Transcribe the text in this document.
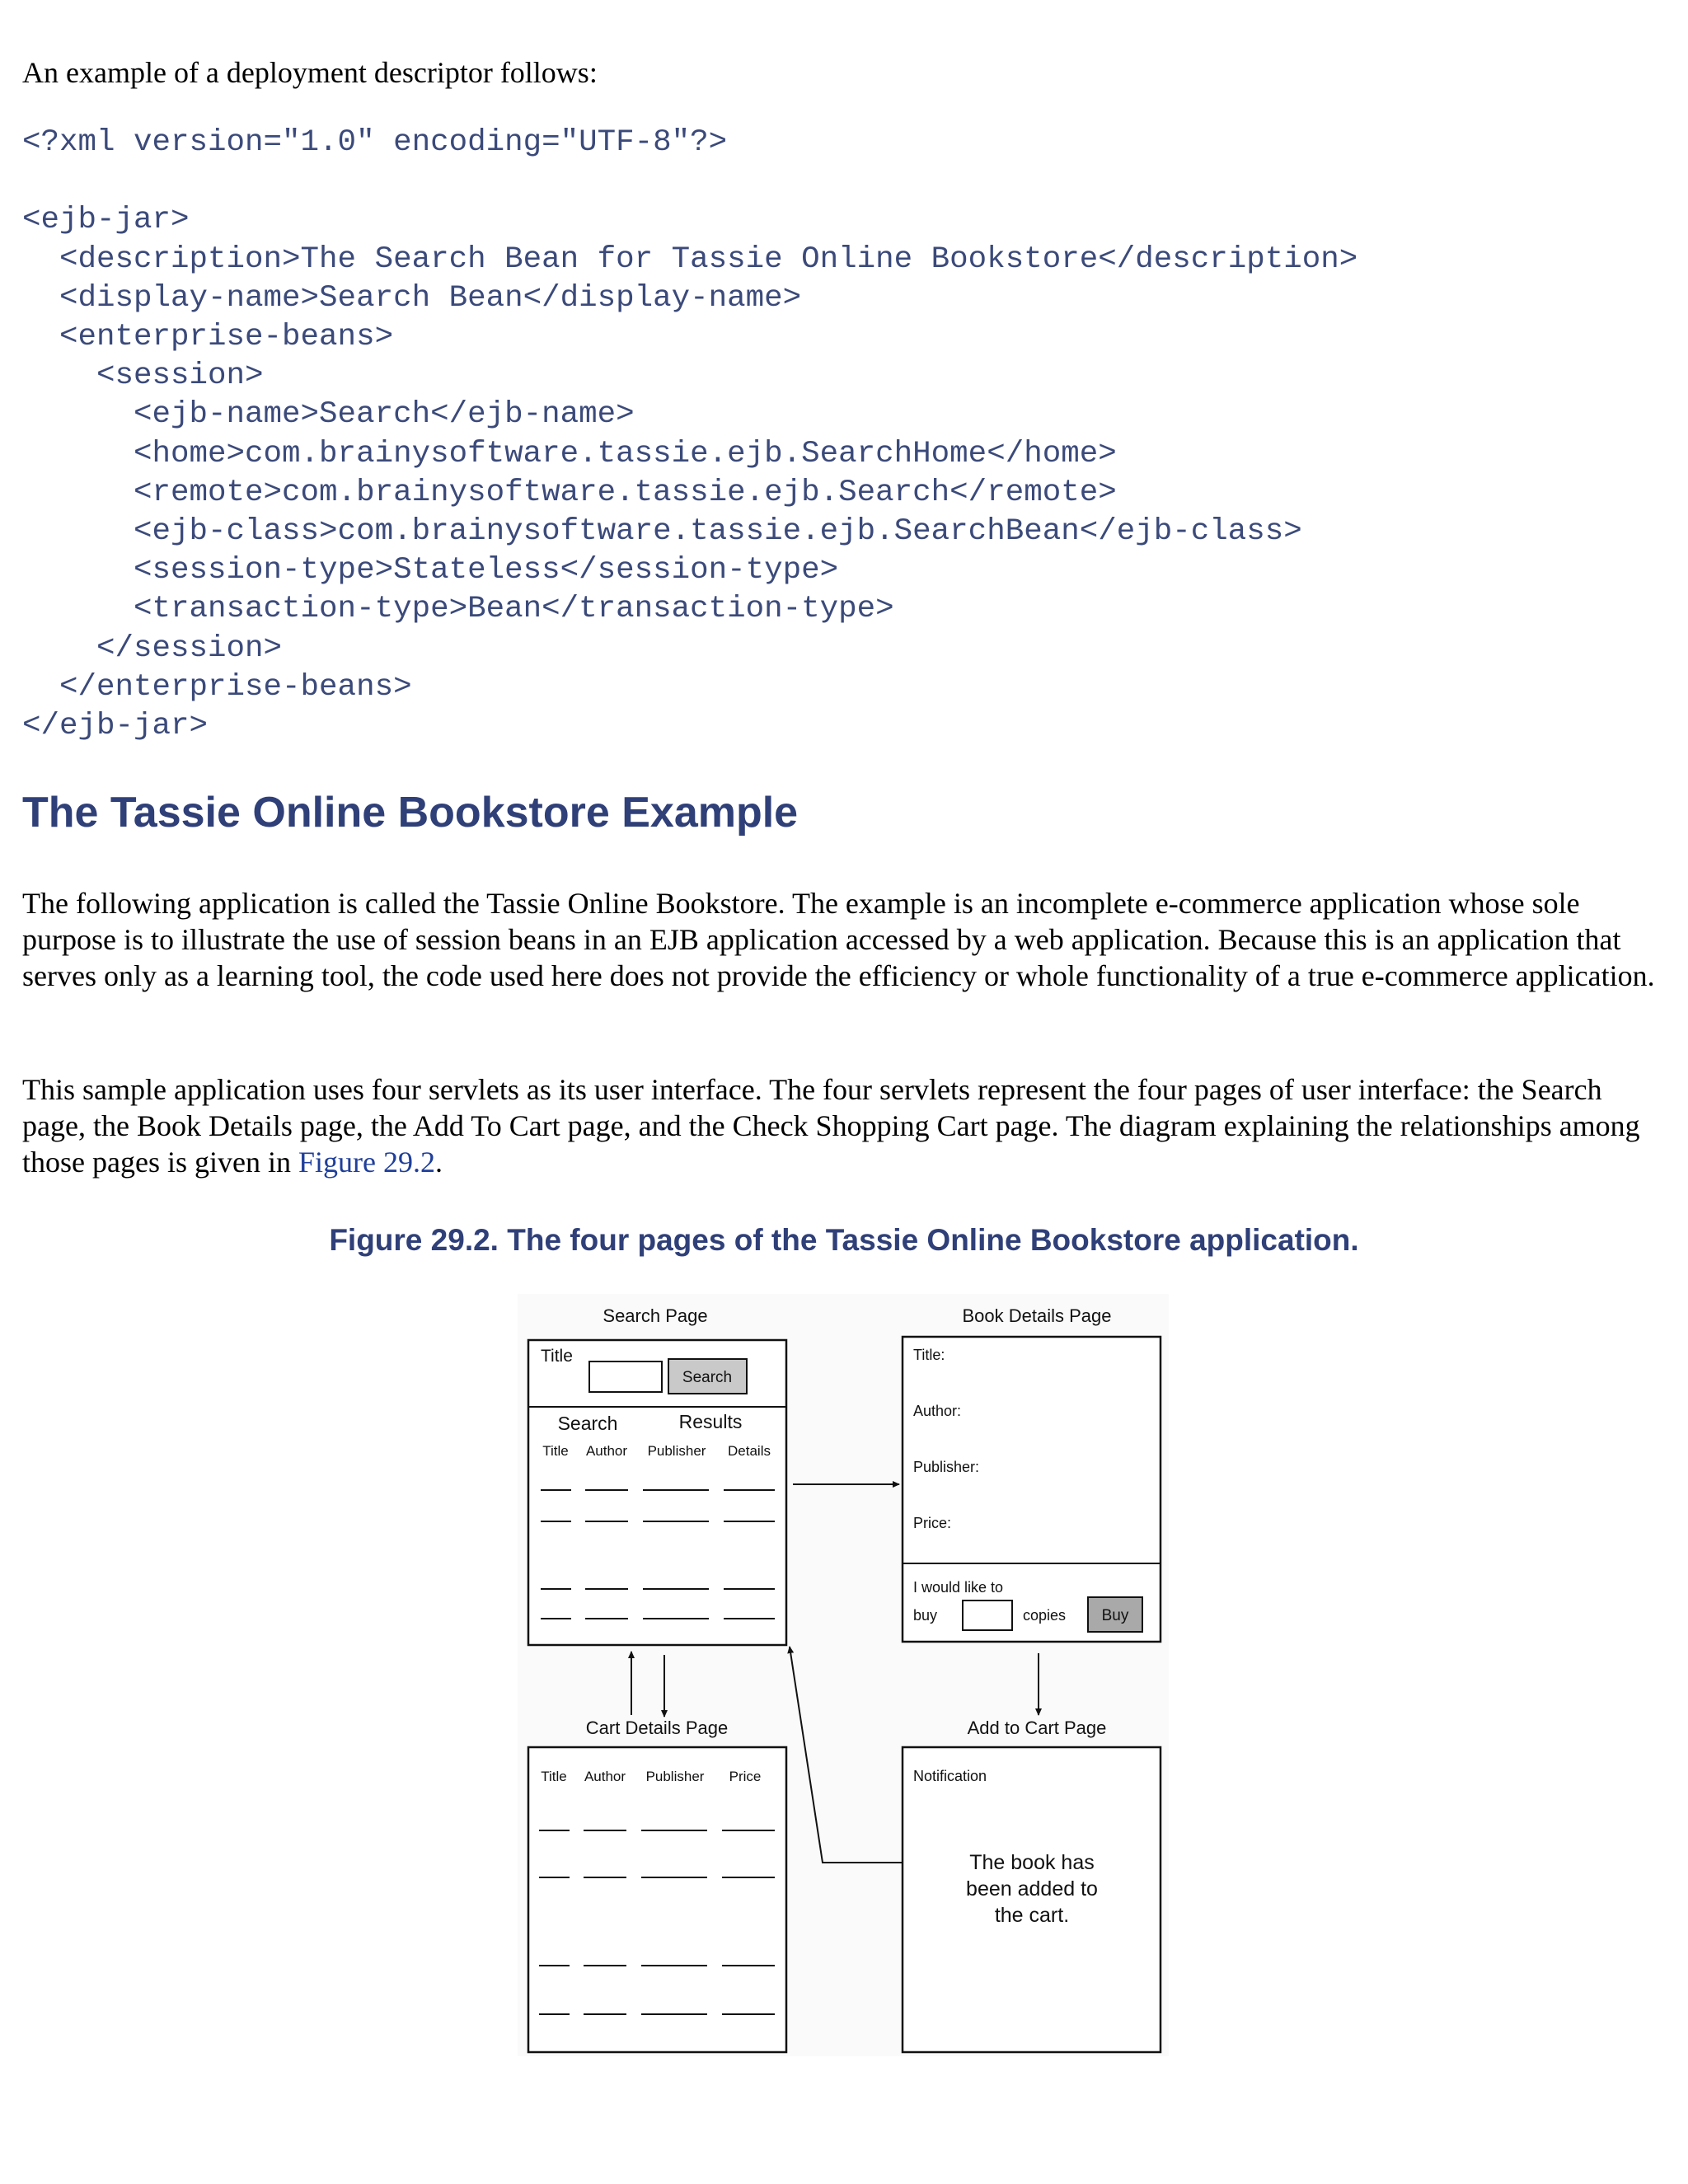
An example of a deployment descriptor follows:
<?xml version="1.0" encoding="UTF-8"?>

<ejb-jar>
<description>The Search Bean for Tassie Online Bookstore</description>
<display-name>Search Bean</display-name>
<enterprise-beans>
<session>
<ejb-name>Search</ejb-name>
<home>com.brainysoftware.tassie.ejb.SearchHome</home>
<remote>com.brainysoftware.tassie.ejb.Search</remote>
<ejb-class>com.brainysoftware.tassie.ejb.SearchBean</ejb-class>
<session-type>Stateless</session-type>
<transaction-type>Bean</transaction-type>
</session>
</enterprise-beans>
</ejb-jar>
The Tassie Online Bookstore Example

The following application is called the Tassie Online Bookstore. The example is an incomplete e-commerce application whose sole purpose is to illustrate the use of session beans in an EJB application accessed by a web application. Because this is an application that serves only as a learning tool, the code used here does not provide the efficiency or whole functionality of a true e-commerce application.

This sample application uses four servlets as its user interface. The four servlets represent the four pages of user interface: the Search page, the Book Details page, the Add To Cart page, and the Check Shopping Cart page. The diagram explaining the relationships among those pages is given in Figure 29.2.

Figure 29.2. The four pages of the Tassie Online Bookstore application.
Search Page
Title
Search
Search	Results
Title Author Publisher Details
Book Details Page
Title:
Author:
Publisher:
Price:
I would like to
buy	copies Buy
Cart Details Page
Title Author Publisher Price
Add to Cart Page
Notification
The book has
been added to
the cart.
